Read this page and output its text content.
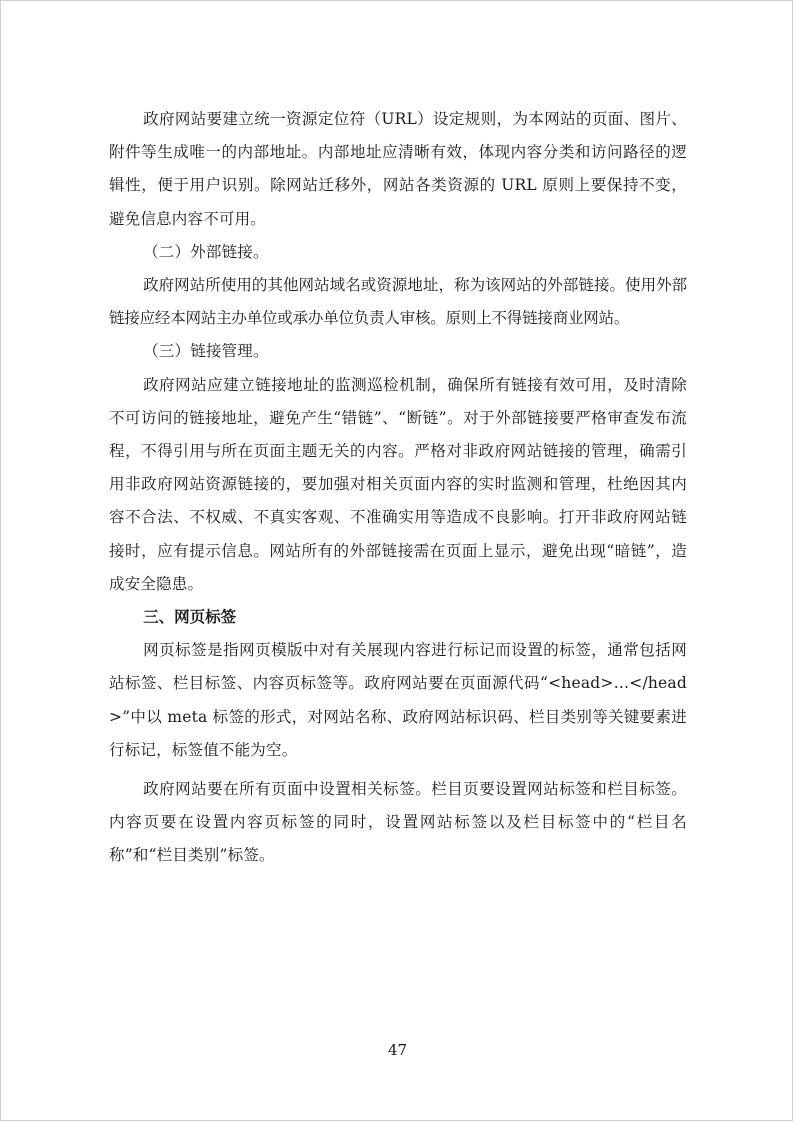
政府网站要建立统一资源定位符（URL）设定规则，为本网站的页面、图片、附件等生成唯一的内部地址。内部地址应清晰有效，体现内容分类和访问路径的逻辑性，便于用户识别。除网站迁移外，网站各类资源的 URL 原则上要保持不变，避免信息内容不可用。

（二）外部链接。

政府网站所使用的其他网站域名或资源地址，称为该网站的外部链接。使用外部链接应经本网站主办单位或承办单位负责人审核。原则上不得链接商业网站。

（三）链接管理。

政府网站应建立链接地址的监测巡检机制，确保所有链接有效可用，及时清除不可访问的链接地址，避免产生“错链”、“断链”。对于外部链接要严格审查发布流程，不得引用与所在页面主题无关的内容。严格对非政府网站链接的管理，确需引用非政府网站资源链接的，要加强对相关页面内容的实时监测和管理，杜绝因其内容不合法、不权威、不真实客观、不准确实用等造成不良影响。打开非政府网站链接时，应有提示信息。网站所有的外部链接需在页面上显示，避免出现“暗链”，造成安全隐患。

三、网页标签

网页标签是指网页模版中对有关展现内容进行标记而设置的标签，通常包括网站标签、栏目标签、内容页标签等。政府网站要在页面源代码“<head>…</head>”中以 meta 标签的形式，对网站名称、政府网站标识码、栏目类别等关键要素进行标记，标签值不能为空。

政府网站要在所有页面中设置相关标签。栏目页要设置网站标签和栏目标签。内容页要在设置内容页标签的同时，设置网站标签以及栏目标签中的“栏目名称”和“栏目类别”标签。

47
